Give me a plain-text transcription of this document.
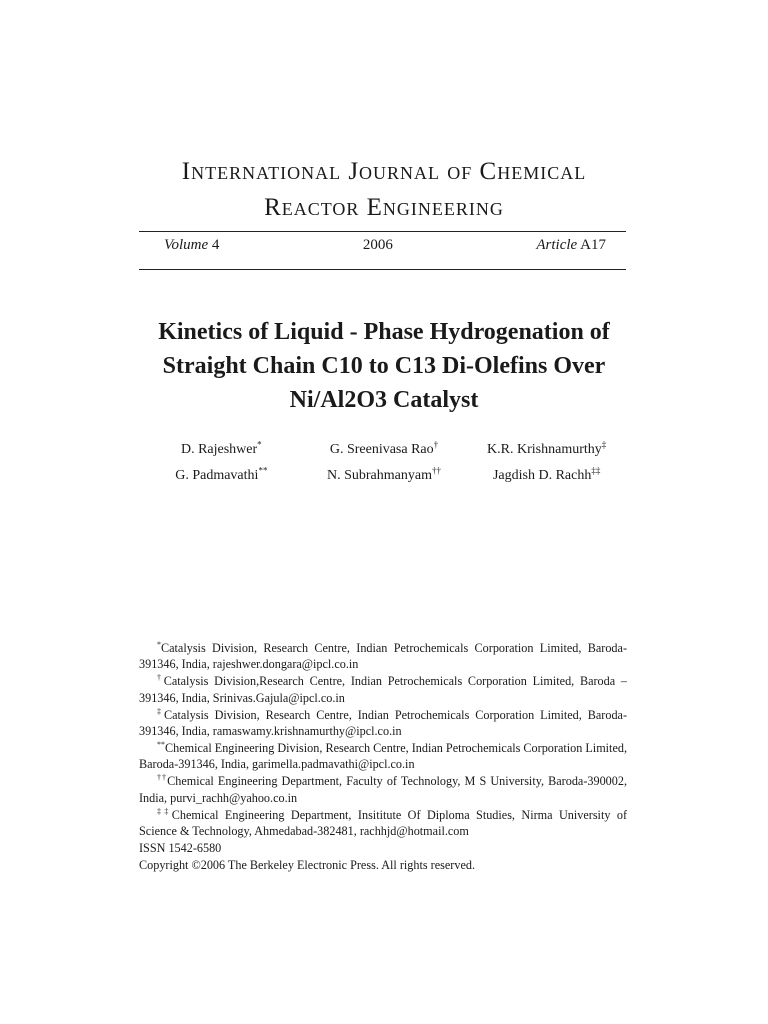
International Journal of Chemical
Reactor Engineering
Volume 4	2006	Article A17
Kinetics of Liquid - Phase Hydrogenation of
Straight Chain C10 to C13 Di-Olefins Over
Ni/Al2O3 Catalyst
D. Rajeshwer*	G. Sreenivasa Rao†	K.R. Krishnamurthy‡
G. Padmavathi**	N. Subrahmanyam††	Jagdish D. Rachh‡‡

*Catalysis Division, Research Centre, Indian Petrochemicals Corporation Limited, Baroda-391346, India, rajeshwer.dongara@ipcl.co.in

†Catalysis Division,Research Centre, Indian Petrochemicals Corporation Limited, Baroda – 391346, India, Srinivas.Gajula@ipcl.co.in

‡Catalysis Division, Research Centre, Indian Petrochemicals Corporation Limited, Baroda-391346, India, ramaswamy.krishnamurthy@ipcl.co.in

**Chemical Engineering Division, Research Centre, Indian Petrochemicals Corporation Limited, Baroda-391346, India, garimella.padmavathi@ipcl.co.in

††Chemical Engineering Department, Faculty of Technology, M S University, Baroda-390002, India, purvi_rachh@yahoo.co.in

‡‡Chemical Engineering Department, Insititute Of Diploma Studies, Nirma University of Science & Technology, Ahmedabad-382481, rachhjd@hotmail.com

ISSN 1542-6580

Copyright ©2006 The Berkeley Electronic Press. All rights reserved.
